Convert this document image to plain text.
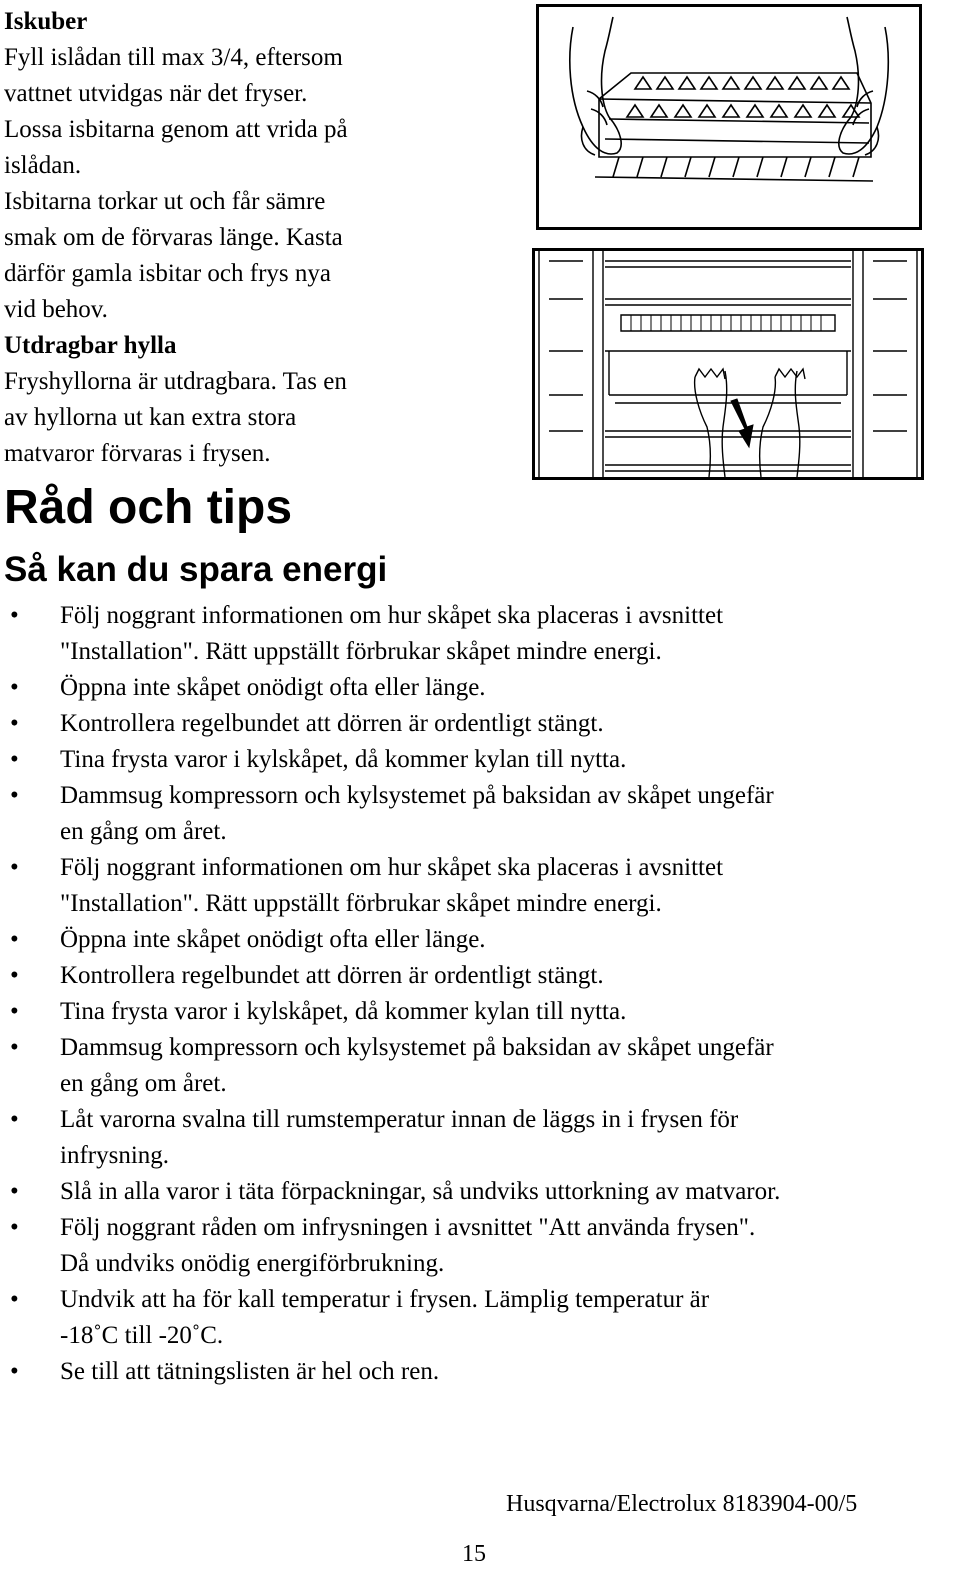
Iskuber

Fyll islådan till max 3/4, eftersom

vattnet utvidgas när det fryser.

Lossa isbitarna genom att vrida på

islådan.

Isbitarna torkar ut och får sämre

smak om de förvaras länge. Kasta

därför gamla isbitar och frys nya

vid behov.

Utdragbar hylla

Fryshyllorna är utdragbara. Tas en

av hyllorna ut kan extra stora

matvaror förvaras i frysen.

Råd och tips
Så kan du spara energi
• Följ noggrant informationen om hur skåpet ska placeras i avsnittet
"Installation". Rätt uppställt förbrukar skåpet mindre energi.
• Öppna inte skåpet onödigt ofta eller länge.
• Kontrollera regelbundet att dörren är ordentligt stängt.
• Tina frysta varor i kylskåpet, då kommer kylan till nytta.
• Dammsug kompressorn och kylsystemet på baksidan av skåpet ungefär
en gång om året.
• Följ noggrant informationen om hur skåpet ska placeras i avsnittet
"Installation". Rätt uppställt förbrukar skåpet mindre energi.
• Öppna inte skåpet onödigt ofta eller länge.
• Kontrollera regelbundet att dörren är ordentligt stängt.
• Tina frysta varor i kylskåpet, då kommer kylan till nytta.
• Dammsug kompressorn och kylsystemet på baksidan av skåpet ungefär
en gång om året.
• Låt varorna svalna till rumstemperatur innan de läggs in i frysen för
infrysning.
• Slå in alla varor i täta förpackningar, så undviks uttorkning av matvaror.
• Följ noggrant råden om infrysningen i avsnittet "Att använda frysen".
Då undviks onödig energiförbrukning.
• Undvik att ha för kall temperatur i frysen. Lämplig temperatur är
-18˚C till -20˚C.
• Se till att tätningslisten är hel och ren.
Husqvarna/Electrolux 8183904-00/5
15
